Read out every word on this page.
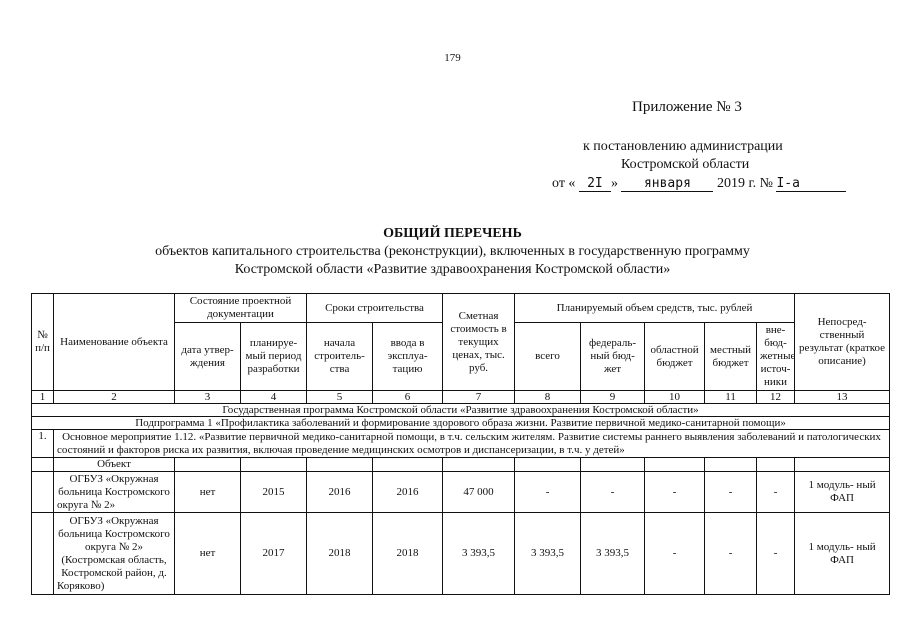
179
Приложение № 3
к постановлению администрации
Костромской области
от « 2I » января 2019 г. № I-а
ОБЩИЙ ПЕРЕЧЕНЬ
объектов капитального строительства (реконструкции), включенных в государственную программу
Костромской области «Развитие здравоохранения Костромской области»
№ п/п	Наименование объекта	Состояние проектной документации		Сроки строительства		Сметная стоимость в текущих ценах, тыс. руб.	Планируемый объем средств, тыс. рублей					Непосред- ственный результат (краткое описание)
		дата утвер- ждения	планируе- мый период разработки	начала строитель- ства	ввода в эксплуа- тацию		всего	федераль- ный бюд- жет	областной бюджет	местный бюджет	вне- бюд- жетные источ- ники	
1	2	3	4	5	6	7	8	9	10	11	12	13
Государственная программа Костромской области «Развитие здравоохранения Костромской области»												
Подпрограмма 1 «Профилактика заболеваний и формирование здорового образа жизни. Развитие первичной медико-санитарной помощи»												
1.	Основное мероприятие 1.12. «Развитие первичной медико-санитарной помощи, в т.ч. сельским жителям. Развитие системы раннего выявления заболеваний и патологических состояний и факторов риска их развития, включая проведение медицинских осмотров и диспансеризации, в т.ч. у детей»											
	Объект											
	ОГБУЗ «Окружная больница Костромского округа № 2»	нет	2015	2016	2016	47 000	-	-	-	-	-	1 модуль- ный ФАП
	ОГБУЗ «Окружная больница Костромского округа № 2» (Костромская область, Костромской район, д. Коряково)	нет	2017	2018	2018	3 393,5	3 393,5	3 393,5	-	-	-	1 модуль- ный ФАП
